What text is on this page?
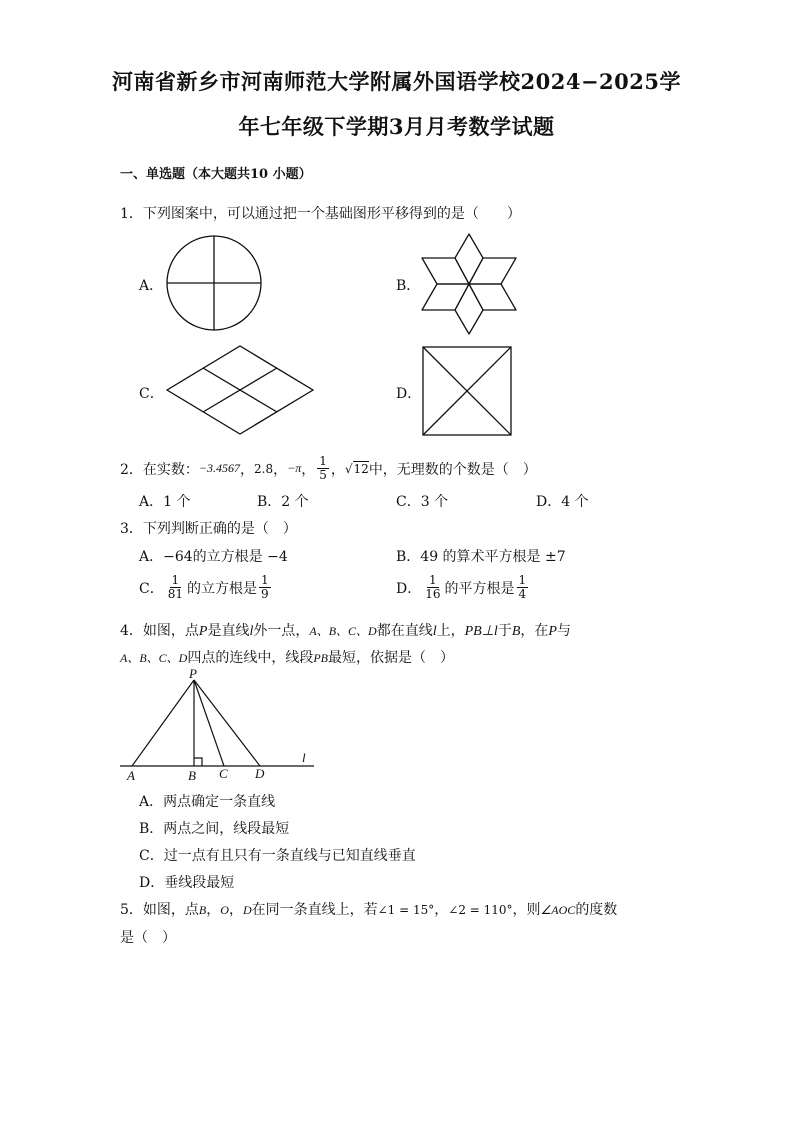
河南省新乡市河南师范大学附属外国语学校2024−2025学
年七年级下学期3月月考数学试题
一、单选题（本大题共10 小题）
1．下列图案中，可以通过把一个基础图形平移得到的是（　　）
A．	B．
C．	D．
2．在实数： −3.4567 ， 2.8̇ ， −π ， $\frac{1}{5}$ ， √ 12 中，无理数的个数是（　）
A．1 个	B．2 个	C．3 个	D．4 个
3．下列判断正确的是（　）
A．−64的立方根是 −4	B．49 的算术平方根是 ±7
C． $\frac{1}{81}$ 的立方根是 $\frac{1}{9}$	D． $\frac{1}{16}$ 的平方根是 $\frac{1}{4}$
4．如图，点P是直线l外一点，A、B、C、D都在直线l上，PB⊥l于B，在P与
A、B、C、D四点的连线中，线段PB最短，依据是（　）
P
A	B C D
l
A．两点确定一条直线
B．两点之间，线段最短
C．过一点有且只有一条直线与已知直线垂直
D．垂线段最短
5．如图，点B，O，D在同一条直线上，若∠1 = 15°，∠2 = 110°，则∠AOC的度数
是（　）
